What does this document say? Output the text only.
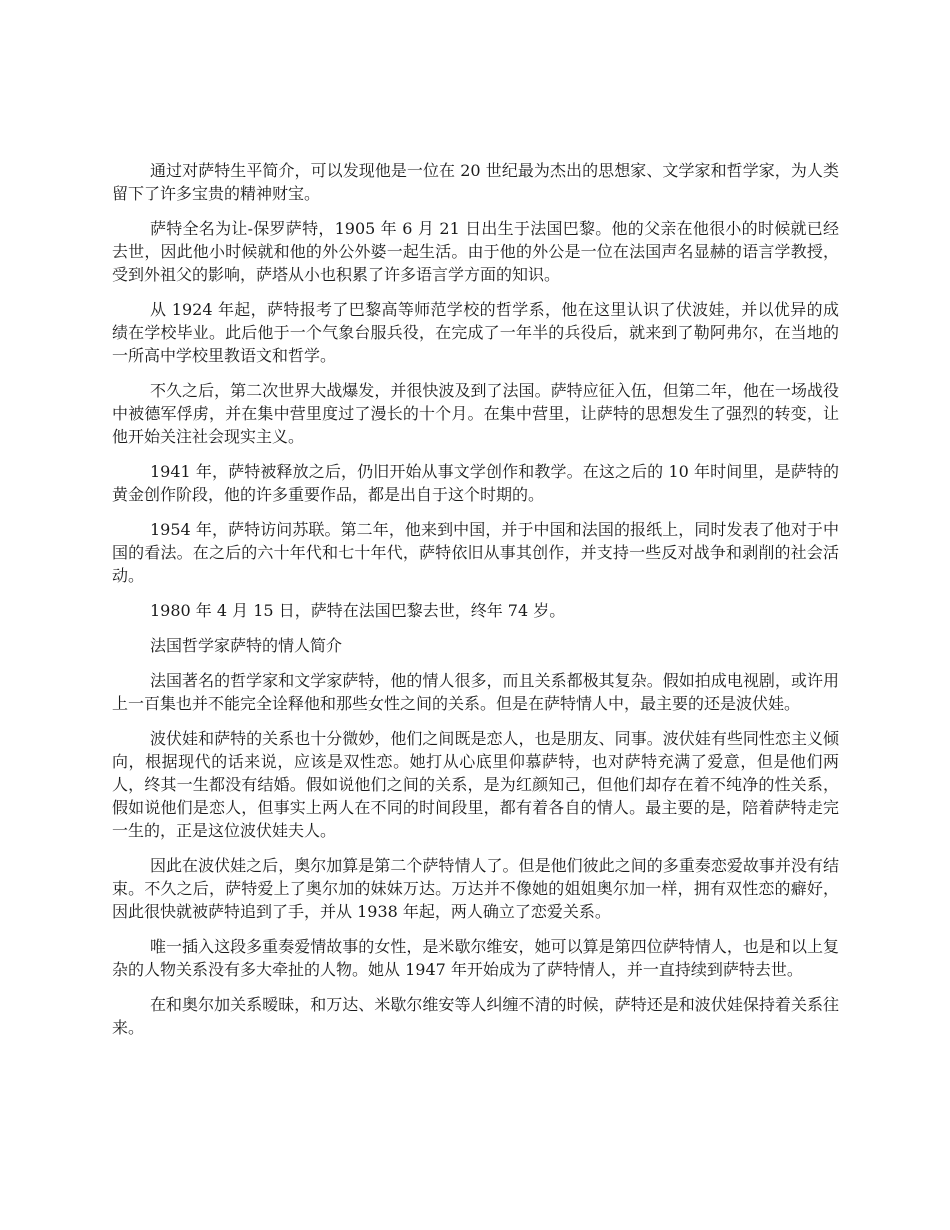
通过对萨特生平简介，可以发现他是一位在 20 世纪最为杰出的思想家、文学家和哲学家，为人类留下了许多宝贵的精神财宝。

萨特全名为让-保罗萨特，1905 年 6 月 21 日出生于法国巴黎。他的父亲在他很小的时候就已经去世，因此他小时候就和他的外公外婆一起生活。由于他的外公是一位在法国声名显赫的语言学教授，受到外祖父的影响，萨塔从小也积累了许多语言学方面的知识。

从 1924 年起，萨特报考了巴黎高等师范学校的哲学系，他在这里认识了伏波娃，并以优异的成绩在学校毕业。此后他于一个气象台服兵役，在完成了一年半的兵役后，就来到了勒阿弗尔，在当地的一所高中学校里教语文和哲学。

不久之后，第二次世界大战爆发，并很快波及到了法国。萨特应征入伍，但第二年，他在一场战役中被德军俘虏，并在集中营里度过了漫长的十个月。在集中营里，让萨特的思想发生了强烈的转变，让他开始关注社会现实主义。

1941 年，萨特被释放之后，仍旧开始从事文学创作和教学。在这之后的 10 年时间里，是萨特的黄金创作阶段，他的许多重要作品，都是出自于这个时期的。

1954 年，萨特访问苏联。第二年，他来到中国，并于中国和法国的报纸上，同时发表了他对于中国的看法。在之后的六十年代和七十年代，萨特依旧从事其创作，并支持一些反对战争和剥削的社会活动。

1980 年 4 月 15 日，萨特在法国巴黎去世，终年 74 岁。

法国哲学家萨特的情人简介

法国著名的哲学家和文学家萨特，他的情人很多，而且关系都极其复杂。假如拍成电视剧，或许用上一百集也并不能完全诠释他和那些女性之间的关系。但是在萨特情人中，最主要的还是波伏娃。

波伏娃和萨特的关系也十分微妙，他们之间既是恋人，也是朋友、同事。波伏娃有些同性恋主义倾向，根据现代的话来说，应该是双性恋。她打从心底里仰慕萨特，也对萨特充满了爱意，但是他们两人，终其一生都没有结婚。假如说他们之间的关系，是为红颜知己，但他们却存在着不纯净的性关系，假如说他们是恋人，但事实上两人在不同的时间段里，都有着各自的情人。最主要的是，陪着萨特走完一生的，正是这位波伏娃夫人。

因此在波伏娃之后，奥尔加算是第二个萨特情人了。但是他们彼此之间的多重奏恋爱故事并没有结束。不久之后，萨特爱上了奥尔加的妹妹万达。万达并不像她的姐姐奥尔加一样，拥有双性恋的癖好，因此很快就被萨特追到了手，并从 1938 年起，两人确立了恋爱关系。

唯一插入这段多重奏爱情故事的女性，是米歇尔维安，她可以算是第四位萨特情人，也是和以上复杂的人物关系没有多大牵扯的人物。她从 1947 年开始成为了萨特情人，并一直持续到萨特去世。

在和奥尔加关系暧昧，和万达、米歇尔维安等人纠缠不清的时候，萨特还是和波伏娃保持着关系往来。
